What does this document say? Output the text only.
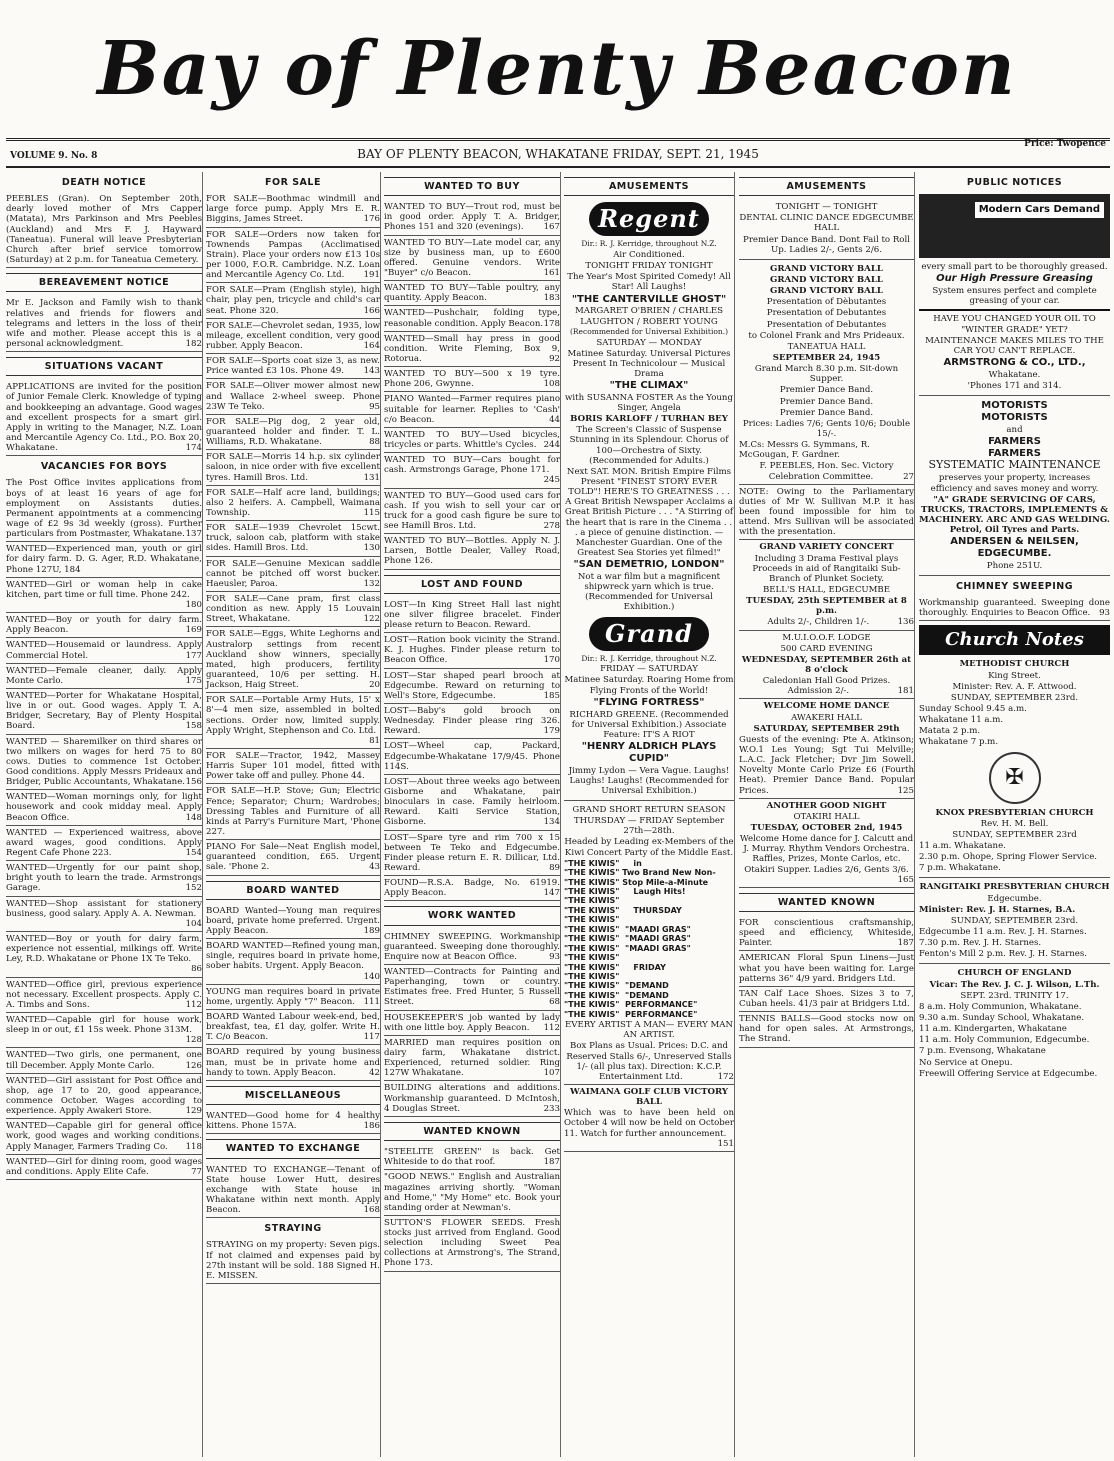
Bay of Plenty Beacon
VOLUME 9. No. 8	BAY OF PLENTY BEACON, WHAKATANE FRIDAY, SEPT. 21, 1945
Price: Twopence
DEATH NOTICE
PEEBLES (Gran). On September 20th, dearly loved mother of Mrs Capper (Matata), Mrs Parkinson and Mrs Peebles (Auckland) and Mrs F. J. Hayward (Taneatua). Funeral will leave Presbyterian Church after brief service tomorrow (Saturday) at 2 p.m. for Taneatua Cemetery.
BEREAVEMENT NOTICE
Mr E. Jackson and Family wish to thank relatives and friends for flowers and telegrams and letters in the loss of their wife and mother. Please accept this is a personal acknowledgment.	182
SITUATIONS VACANT
APPLICATIONS are invited for the position of Junior Female Clerk. Knowledge of typing and bookkeeping an advantage. Good wages and excellent prospects for a smart girl. Apply in writing to the Manager, N.Z. Loan and Mercantile Agency Co. Ltd., P.O. Box 20, Whakatane.	174
VACANCIES FOR BOYS
The Post Office invites applications from boys of at least 16 years of age for employment on Assistants duties. Permanent appointments at a commencing wage of £2 9s 3d weekly (gross). Further particulars from Postmaster, Whakatane. 137
WANTED—Experienced man, youth or girl for dairy farm. D. G. Ager, R.D. Whakatane, Phone 127U, 184
WANTED—Girl or woman help in cake kitchen, part time or full time. Phone 242.
180
WANTED—Boy or youth for dairy farm. Apply Beacon.	169
WANTED—Housemaid or laundress. Apply Commercial Hotel.	177
WANTED—Female cleaner, daily. Apply Monte Carlo.	175
WANTED—Porter for Whakatane Hospital, live in or out. Good wages. Apply T. A. Bridger, Secretary, Bay of Plenty Hospital Board.	158
WANTED — Sharemilker on third shares or two milkers on wages for herd 75 to 80 cows. Duties to commence 1st October. Good conditions. Apply Messrs Prideaux and Bridger, Public Accountants, Whakatane. 156
WANTED—Woman mornings only, for light housework and cook midday meal. Apply Beacon Office.	148
WANTED — Experienced waitress, above award wages, good conditions. Apply Regent Cafe Phone 223.	154
WANTED—Urgently for our paint shop, bright youth to learn the trade. Armstrongs Garage.	152
WANTED—Shop assistant for stationery business, good salary. Apply A. A. Newman.
104
WANTED—Boy or youth for dairy farm, experience not essential, milkings off. Write Ley, R.D. Whakatane or Phone 1X Te Teko.
86
WANTED—Office girl, previous experience not necessary. Excellent prospects. Apply C. A. Timbs and Sons.	112
WANTED—Capable girl for house work, sleep in or out, £1 15s week. Phone 313M.
128
WANTED—Two girls, one permanent, one till December. Apply Monte Carlo.	126
WANTED—Girl assistant for Post Office and shop, age 17 to 20, good appearance, commence October. Wages according to experience. Apply Awakeri Store.	129
WANTED—Capable girl for general office work, good wages and working conditions. Apply Manager, Farmers Trading Co. 118
WANTED—Girl for dining room, good wages and conditions. Apply Elite Cafe.	77
FOR SALE
FOR SALE—Boothmac windmill and large force pump. Apply Mrs E. R. Biggins, James Street.	176
FOR SALE—Orders now taken for Townends Pampas (Acclimatised Strain). Place your orders now £13 10s per 1000, F.O.R. Cambridge. N.Z. Loan and Mercantile Agency Co. Ltd. 191
FOR SALE—Pram (English style), high chair, play pen, tricycle and child's car seat. Phone 320.	166
FOR SALE—Chevrolet sedan, 1935, low mileage, excellent condition, very good rubber. Apply Beacon.	164
FOR SALE—Sports coat size 3, as new. Price wanted £3 10s. Phone 49. 143
FOR SALE—Oliver mower almost new and Wallace 2-wheel sweep. Phone 23W Te Teko.	95
FOR SALE—Pig dog, 2 year old, guaranteed holder and finder. T. L. Williams, R.D. Whakatane.	88
FOR SALE—Morris 14 h.p. six cylinder saloon, in nice order with five excellent tyres. Hamill Bros. Ltd.	131
FOR SALE—Half acre land, buildings; also 2 heifers. A. Campbell, Waimana Township.	115
FOR SALE—1939 Chevrolet 15cwt. truck, saloon cab, platform with stake sides. Hamill Bros. Ltd.	130
FOR SALE—Genuine Mexican saddle cannot be pitched off worst bucker. Haeusler, Paroa.	132
FOR SALE—Cane pram, first class condition as new. Apply 15 Louvain Street, Whakatane.	122
FOR SALE—Eggs, White Leghorns and Australorp settings from recent Auckland show winners, specially mated, high producers, fertility guaranteed, 10/6 per setting. H. Jackson, Haig Street.	20
FOR SALE—Portable Army Huts, 15' x 8'—4 men size, assembled in bolted sections. Order now, limited supply. Apply Wright, Stephenson and Co. Ltd.
81
FOR SALE—Tractor, 1942, Massey Harris Super 101 model, fitted with Power take off and pulley. Phone 44.
FOR SALE—H.P. Stove; Gun; Electric Fence; Separator; Churn; Wardrobes; Dressing Tables and Furniture of all kinds at Parry's Furniture Mart, 'Phone 227.
PIANO For Sale—Neat English model, guaranteed condition, £65. Urgent sale. 'Phone 2.	43
BOARD WANTED
BOARD Wanted—Young man requires board, private home preferred. Urgent. Apply Beacon.	189
BOARD WANTED—Refined young man, single, requires board in private home, sober habits. Urgent. Apply Beacon.
140
YOUNG man requires board in private home, urgently. Apply "7" Beacon. 111
BOARD Wanted Labour week-end, bed, breakfast, tea, £1 day, golfer. Write H. T. C/o Beacon.	117
BOARD required by young business man, must be in private home and handy to town. Apply Beacon.	42
MISCELLANEOUS
WANTED—Good home for 4 healthy kittens. Phone 157A.	186
WANTED TO EXCHANGE
WANTED TO EXCHANGE—Tenant of State house Lower Hutt, desires exchange with State house in Whakatane within next month. Apply Beacon.	168
STRAYING
STRAYING on my property: Seven pigs. If not claimed and expenses paid by 27th instant will be sold. 188 Signed H. E. MISSEN.
WANTED TO BUY
WANTED TO BUY—Trout rod, must be in good order. Apply T. A. Bridger, Phones 151 and 320 (evenings). 167
WANTED TO BUY—Late model car, any size by business man, up to £600 offered. Genuine vendors. Write "Buyer" c/o Beacon.	161
WANTED TO BUY—Table poultry, any quantity. Apply Beacon.	183
WANTED—Pushchair, folding type, reasonable condition. Apply Beacon. 178
WANTED—Small hay press in good condition. Write Fleming, Box 9, Rotorua.	92
WANTED TO BUY—500 x 19 tyre. Phone 206, Gwynne.	108
PIANO Wanted—Farmer requires piano suitable for learner. Replies to 'Cash' c/o Beacon.	44
WANTED TO BUY—Used bicycles, tricycles or parts. Whittle's Cycles. 244
WANTED TO BUY—Cars bought for cash. Armstrongs Garage, Phone 171.
245
WANTED TO BUY—Good used cars for cash. If you wish to sell your car or truck for a good cash figure be sure to see Hamill Bros. Ltd.	278
WANTED TO BUY—Bottles. Apply N. J. Larsen, Bottle Dealer, Valley Road, Phone 126.
LOST AND FOUND
LOST—In King Street Hall last night one silver filigree bracelet. Finder please return to Beacon. Reward.
LOST—Ration book vicinity the Strand. K. J. Hughes. Finder please return to Beacon Office.	170
LOST—Star shaped pearl brooch at Edgecumbe. Reward on returning to Well's Store, Edgecumbe.	185
LOST—Baby's gold brooch on Wednesday. Finder please ring 326. Reward.	179
LOST—Wheel cap, Packard, Edgecumbe-Whakatane 17/9/45. Phone 114S.
LOST—About three weeks ago between Gisborne and Whakatane, pair binoculars in case. Family heirloom. Reward. Kaiti Service Station, Gisborne.	134
LOST—Spare tyre and rim 700 x 15 between Te Teko and Edgecumbe. Finder please return E. R. Dillicar, Ltd. Reward.	89
FOUND—R.S.A. Badge, No. 61919. Apply Beacon.	147
WORK WANTED
CHIMNEY SWEEPING. Workmanship guaranteed. Sweeping done thoroughly. Enquire now at Beacon Office.	93
WANTED—Contracts for Painting and Paperhanging, town or country. Estimates free. Fred Hunter, 5 Russell Street.	68
HOUSEKEEPER'S job wanted by lady with one little boy. Apply Beacon. 112
MARRIED man requires position on dairy farm, Whakatane district. Experienced, returned soldier. Ring 127W Whakatane.	107
BUILDING alterations and additions. Workmanship guaranteed. D McIntosh, 4 Douglas Street.	233
WANTED KNOWN
"STEELITE GREEN" is back. Get Whiteside to do that roof.	187
"GOOD NEWS." English and Australian magazines arriving shortly. "Woman and Home," "My Home" etc. Book your standing order at Newman's.
SUTTON'S FLOWER SEEDS. Fresh stocks just arrived from England. Good selection including Sweet Pea collections at Armstrong's, The Strand, Phone 173.
AMUSEMENTS
Regent
Dir.: R. J. Kerridge, throughout N.Z.
Air Conditioned.
TONIGHT FRIDAY TONIGHT
The Year's Most Spirited Comedy! All Star! All Laughs!
"THE CANTERVILLE GHOST"
MARGARET O'BRIEN / CHARLES LAUGHTON / ROBERT YOUNG
(Recommended for Universal Exhibition.)
SATURDAY — MONDAY
Matinee Saturday. Universal Pictures Present In Technicolour — Musical Drama
"THE CLIMAX"
with SUSANNA FOSTER As the Young Singer, Angela
BORIS KARLOFF / TURHAN BEY
The Screen's Classic of Suspense Stunning in its Splendour. Chorus of 100—Orchestra of Sixty. (Recommended for Adults.)
Next SAT. MON. British Empire Films Present "FINEST STORY EVER TOLD"! HERE'S TO GREATNESS . . . A Great British Newspaper Acclaims a Great British Picture . . . "A Stirring of the heart that is rare in the Cinema . . . a piece of genuine distinction. —Manchester Guardian. One of the Greatest Sea Stories yet filmed!"
"SAN DEMETRIO, LONDON"
Not a war film but a magnificent shipwreck yarn which is true. (Recommended for Universal Exhibition.)
Grand
Dir.: R. J. Kerridge, throughout N.Z.
FRIDAY — SATURDAY
Matinee Saturday. Roaring Home from Flying Fronts of the World!
"FLYING FORTRESS"
RICHARD GREENE. (Recommended for Universal Exhibition.) Associate Feature: IT'S A RIOT
"HENRY ALDRICH PLAYS CUPID"
Jimmy Lydon — Vera Vague. Laughs! Laughs! Laughs! (Recommended for Universal Exhibition.)
GRAND SHORT RETURN SEASON
THURSDAY — FRIDAY September 27th—28th.
Headed by Leading ex-Members of the Kiwi Concert Party of the Middle East.
"THE KIWIS"     in
"THE KIWIS" Two Brand New Non-
"THE KIWIS" Stop Mile-a-Minute
"THE KIWIS"     Laugh Hits!
"THE KIWIS"
"THE KIWIS"     THURSDAY
"THE KIWIS"
"THE KIWIS"  "MAADI GRAS"
"THE KIWIS"  "MAADI GRAS"
"THE KIWIS"  "MAADI GRAS"
"THE KIWIS"
"THE KIWIS"     FRIDAY
"THE KIWIS"
"THE KIWIS"  "DEMAND
"THE KIWIS"  "DEMAND
"THE KIWIS"  PERFORMANCE"
"THE KIWIS"  PERFORMANCE"
EVERY ARTIST A MAN— EVERY MAN AN ARTIST.
Box Plans as Usual. Prices: D.C. and Reserved Stalls 6/-, Unreserved Stalls 1/- (all plus tax). Direction: K.C.P. Entertainment Ltd.	172
WAIMANA GOLF CLUB VICTORY BALL
Which was to have been held on October 4 will now be held on October 11. Watch for further announcement.
151
AMUSEMENTS
TONIGHT — TONIGHT
DENTAL CLINIC DANCE EDGECUMBE HALL
Premier Dance Band. Dont Fail to Roll Up. Ladies 2/-, Gents 2/6.
GRAND VICTORY BALL
GRAND VICTORY BALL
GRAND VICTORY BALL
Presentation of Dèbutantes
Presentation of Debutantes
Presentation of Debutantes
to Colonel Frank and Mrs Prideaux.
TANEATUA HALL
SEPTEMBER 24, 1945
Grand March 8.30 p.m. Sit-down Supper.
Premier Dance Band.
Premier Dance Band.
Premier Dance Band.
Prices: Ladies 7/6; Gents 10/6; Double 15/-.
M.Cs: Messrs G. Symmans, R. McGougan, F. Gardner.
F. PEEBLES, Hon. Sec. Victory Celebration Committee.	27
NOTE: Owing to the Parliamentary duties of Mr W. Sullivan M.P. it has been found impossible for him to attend. Mrs Sullivan will be associated with the presentation.
GRAND VARIETY CONCERT
Including 3 Drama Festival plays Proceeds in aid of Rangitaiki Sub-Branch of Plunket Society.
BELL'S HALL, EDGECUMBE
TUESDAY, 25th SEPTEMBER at 8 p.m.
Adults 2/-, Children 1/-.	136
M.U.I.O.O.F. LODGE
500 CARD EVENING
WEDNESDAY, SEPTEMBER 26th at 8 o'clock
Caledonian Hall Good Prizes. Admission 2/-.	181
WELCOME HOME DANCE
AWAKERI HALL
SATURDAY, SEPTEMBER 29th
Guests of the evening: Pte A. Atkinson; W.O.1 Les Young; Sgt Tui Melville; L.A.C. Jack Fletcher; Dvr Jim Sowell. Novelty Monte Carlo Prize £6 (Fourth Heat). Premier Dance Band. Popular Prices.	125
ANOTHER GOOD NIGHT
OTAKIRI HALL
TUESDAY, OCTOBER 2nd, 1945
Welcome Home dance for J. Calcutt and J. Murray. Rhythm Vendors Orchestra. Raffles, Prizes, Monte Carlos, etc. Otakiri Supper. Ladies 2/6, Gents 3/6.
165
WANTED KNOWN
FOR conscientious craftsmanship, speed and efficiency, Whiteside, Painter.	187
AMERICAN Floral Spun Linens—Just what you have been waiting for. Large patterns 36" 4/9 yard. Bridgers Ltd.
TAN Calf Lace Shoes. Sizes 3 to 7, Cuban heels. 41/3 pair at Bridgers Ltd.
TENNIS BALLS—Good stocks now on hand for open sales. At Armstrongs, The Strand.
PUBLIC NOTICES
Modern Cars Demand
every small part to be thoroughly greased.
Our High Pressure Greasing
System ensures perfect and complete greasing of your car.
HAVE YOU CHANGED YOUR OIL TO "WINTER GRADE" YET?
MAINTENANCE MAKES MILES TO THE CAR YOU CAN'T REPLACE.
ARMSTRONG & CO., LTD.,
Whakatane.
'Phones 171 and 314.
MOTORISTS
MOTORISTS
and
FARMERS
FARMERS
SYSTEMATIC MAINTENANCE
preserves your property, increases efficiency and saves money and worry.
"A" GRADE SERVICING OF CARS, TRUCKS, TRACTORS, IMPLEMENTS & MACHINERY. ARC AND GAS WELDING. Petrol, Oil Tyres and Parts.
ANDERSEN & NEILSEN, EDGECUMBE.
Phone 251U.
CHIMNEY SWEEPING
Workmanship guaranteed. Sweeping done thoroughly. Enquiries to Beacon Office. 93
Church Notes
METHODIST CHURCH
King Street.
Minister: Rev. A. F. Attwood.
SUNDAY, SEPTEMBER 23rd.
Sunday School 9.45 a.m.
Whakatane 11 a.m.
Matata 2 p.m.
Whakatane 7 p.m.
✠
KNOX PRESBYTERIAN CHURCH
Rev. H. M. Bell.
SUNDAY, SEPTEMBER 23rd
11 a.m. Whakatane.
2.30 p.m. Ohope, Spring Flower Service.
7 p.m. Whakatane.
RANGITAIKI PRESBYTERIAN CHURCH
Edgecumbe.
Minister: Rev. J. H. Starnes, B.A.
SUNDAY, SEPTEMBER 23rd.
Edgecumbe 11 a.m. Rev. J. H. Starnes.
7.30 p.m. Rev. J. H. Starnes.
Fenton's Mill 2 p.m. Rev. J. H. Starnes.
CHURCH OF ENGLAND
Vicar: The Rev. J. C. J. Wilson, L.Th.
SEPT. 23rd. TRINITY 17.
8 a.m. Holy Communion, Whakatane.
9.30 a.m. Sunday School, Whakatane.
11 a.m. Kindergarten, Whakatane
11 a.m. Holy Communion, Edgecumbe.
7 p.m. Evensong, Whakatane
No Service at Onepu.
Freewill Offering Service at Edgecumbe.
